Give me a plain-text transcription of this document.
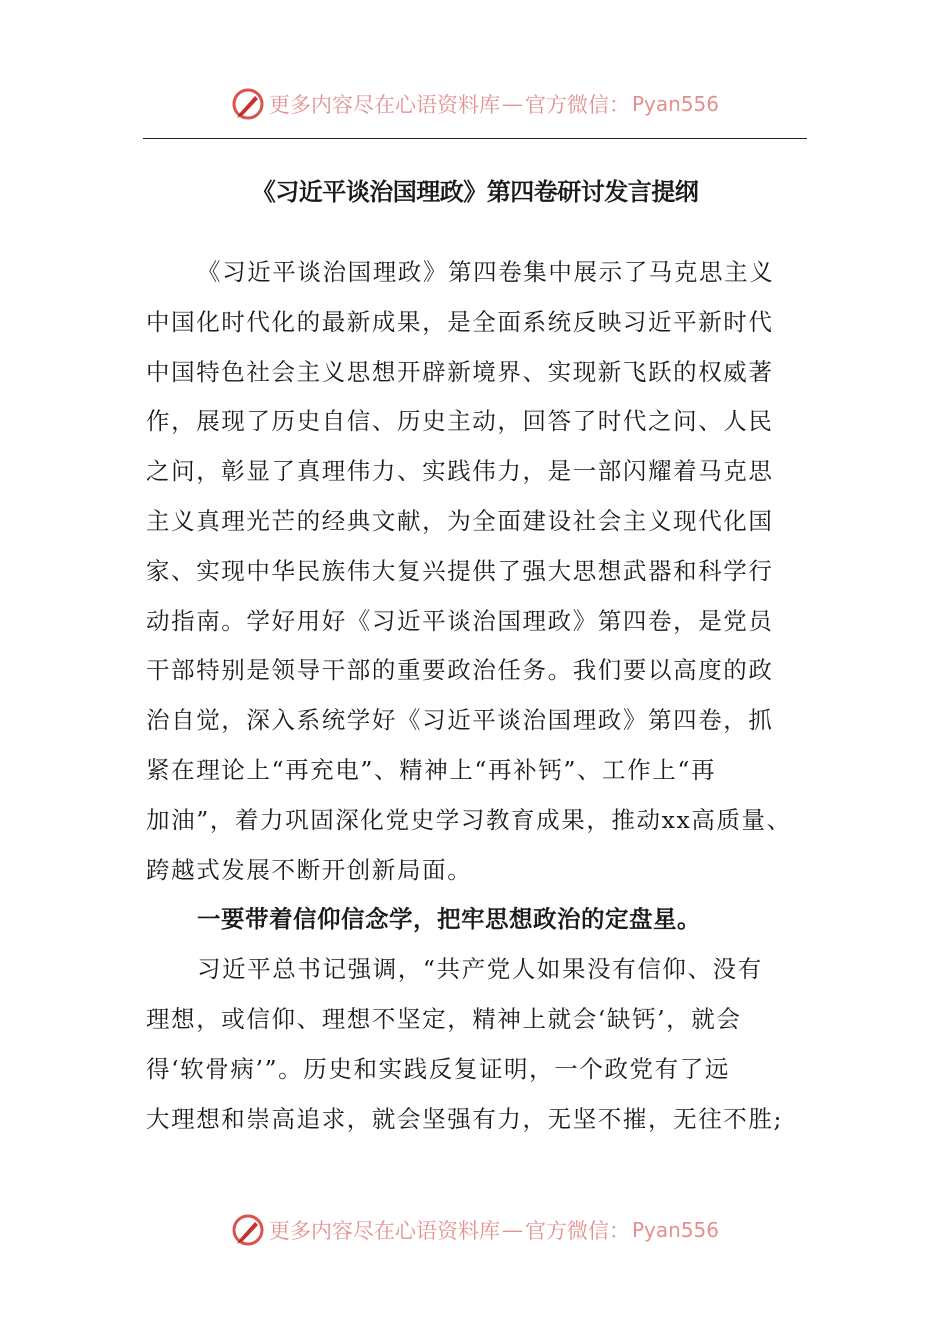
更多内容尽在心语资料库 — 官方微信： Pyan556
《习近平谈治国理政》第四卷研讨发言提纲
《习近平谈治国理政》第四卷集中展示了马克思主义
中国化时代化的最新成果，是全面系统反映习近平新时代
中国特色社会主义思想开辟新境界、实现新飞跃的权威著
作，展现了历史自信、历史主动，回答了时代之问、人民
之问，彰显了真理伟力、实践伟力，是一部闪耀着马克思
主义真理光芒的经典文献，为全面建设社会主义现代化国
家、实现中华民族伟大复兴提供了强大思想武器和科学行
动指南。学好用好《习近平谈治国理政》第四卷，是党员
干部特别是领导干部的重要政治任务。我们要以高度的政
治自觉，深入系统学好《习近平谈治国理政》第四卷，抓
紧在理论上“再充电”、精神上“再补钙”、工作上“再
加油”，着力巩固深化党史学习教育成果，推动xx高质量、
跨越式发展不断开创新局面。
一要带着信仰信念学，把牢思想政治的定盘星。
习近平总书记强调，“共产党人如果没有信仰、没有
理想，或信仰、理想不坚定，精神上就会‘缺钙’，就会
得‘软骨病’”。历史和实践反复证明，一个政党有了远
大理想和崇高追求，就会坚强有力，无坚不摧，无往不胜;
更多内容尽在心语资料库 — 官方微信： Pyan556
